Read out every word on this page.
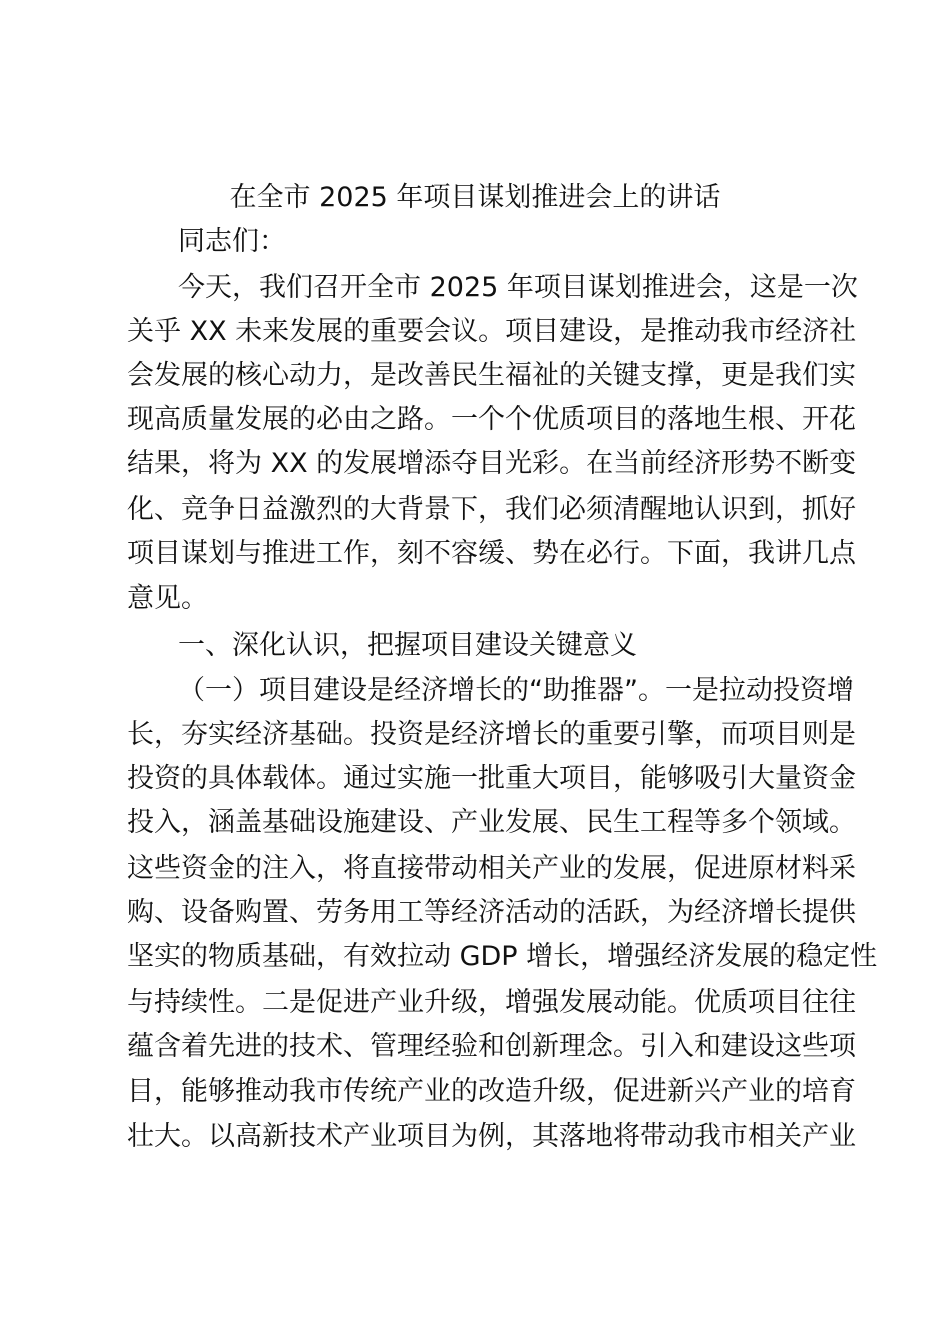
在全市 2025 年项目谋划推进会上的讲话

同志们：

今天，我们召开全市 2025 年项目谋划推进会，这是一次

关乎 XX 未来发展的重要会议。项目建设，是推动我市经济社

会发展的核心动力，是改善民生福祉的关键支撑，更是我们实

现高质量发展的必由之路。一个个优质项目的落地生根、开花

结果，将为 XX 的发展增添夺目光彩。在当前经济形势不断变

化、竞争日益激烈的大背景下，我们必须清醒地认识到，抓好

项目谋划与推进工作，刻不容缓、势在必行。下面，我讲几点

意见。

一、深化认识，把握项目建设关键意义

（一）项目建设是经济增长的“助推器”。一是拉动投资增

长，夯实经济基础。投资是经济增长的重要引擎，而项目则是

投资的具体载体。通过实施一批重大项目，能够吸引大量资金

投入，涵盖基础设施建设、产业发展、民生工程等多个领域。

这些资金的注入，将直接带动相关产业的发展，促进原材料采

购、设备购置、劳务用工等经济活动的活跃，为经济增长提供

坚实的物质基础，有效拉动 GDP 增长，增强经济发展的稳定性

与持续性。二是促进产业升级，增强发展动能。优质项目往往

蕴含着先进的技术、管理经验和创新理念。引入和建设这些项

目，能够推动我市传统产业的改造升级，促进新兴产业的培育

壮大。以高新技术产业项目为例，其落地将带动我市相关产业
